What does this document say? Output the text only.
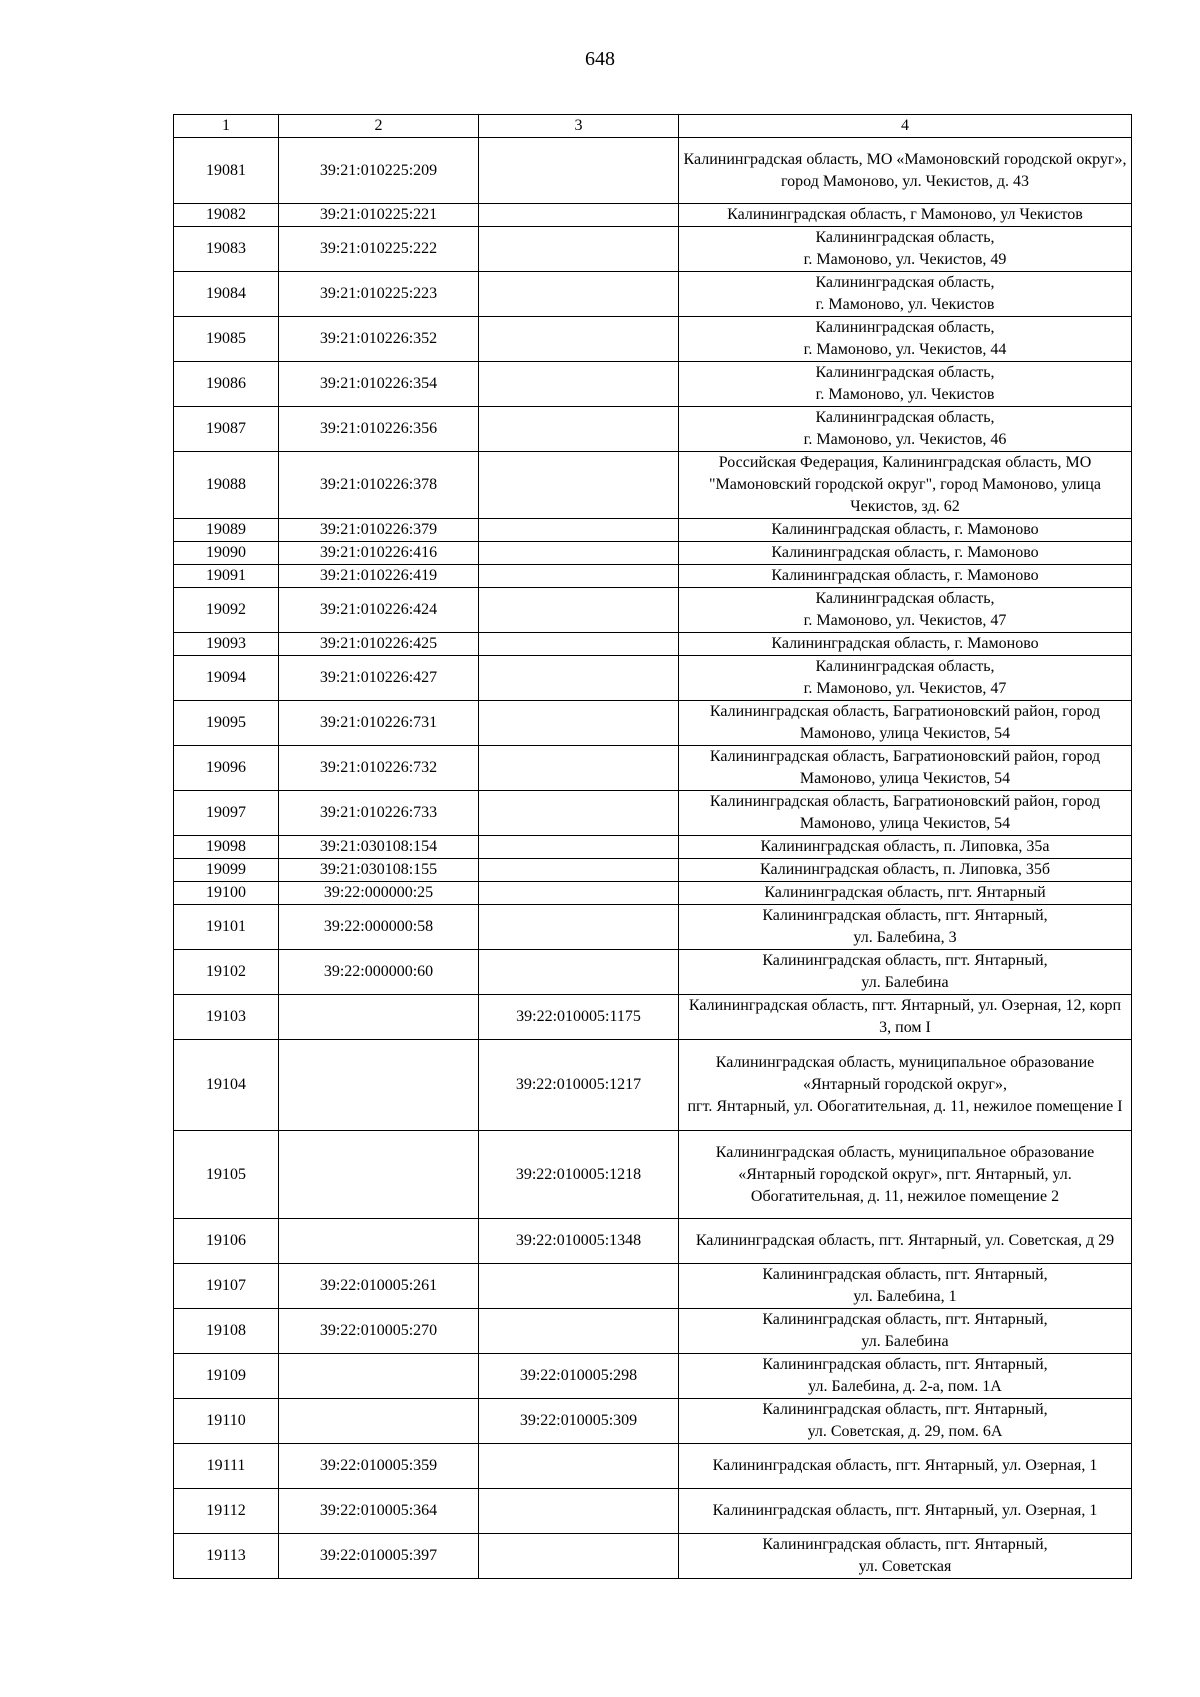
648
1	2	3	4
19081	39:21:010225:209		Калининградская область, МО «Мамоновский городской округ», город Мамоново, ул. Чекистов, д. 43
19082	39:21:010225:221		Калининградская область, г Мамоново, ул Чекистов
19083	39:21:010225:222		Калининградская область,
г. Мамоново, ул. Чекистов, 49
19084	39:21:010225:223		Калининградская область,
г. Мамоново, ул. Чекистов
19085	39:21:010226:352		Калининградская область,
г. Мамоново, ул. Чекистов, 44
19086	39:21:010226:354		Калининградская область,
г. Мамоново, ул. Чекистов
19087	39:21:010226:356		Калининградская область,
г. Мамоново, ул. Чекистов, 46
19088	39:21:010226:378		Российская Федерация, Калининградская область, МО "Мамоновский городской округ", город Мамоново, улица Чекистов, зд. 62
19089	39:21:010226:379		Калининградская область, г. Мамоново
19090	39:21:010226:416		Калининградская область, г. Мамоново
19091	39:21:010226:419		Калининградская область, г. Мамоново
19092	39:21:010226:424		Калининградская область,
г. Мамоново, ул. Чекистов, 47
19093	39:21:010226:425		Калининградская область, г. Мамоново
19094	39:21:010226:427		Калининградская область,
г. Мамоново, ул. Чекистов, 47
19095	39:21:010226:731		Калининградская область, Багратионовский район, город Мамоново, улица Чекистов, 54
19096	39:21:010226:732		Калининградская область, Багратионовский район, город Мамоново, улица Чекистов, 54
19097	39:21:010226:733		Калининградская область, Багратионовский район, город Мамоново, улица Чекистов, 54
19098	39:21:030108:154		Калининградская область, п. Липовка, 35а
19099	39:21:030108:155		Калининградская область, п. Липовка, 35б
19100	39:22:000000:25		Калининградская область, пгт. Янтарный
19101	39:22:000000:58		Калининградская область, пгт. Янтарный,
ул. Балебина, 3
19102	39:22:000000:60		Калининградская область, пгт. Янтарный,
ул. Балебина
19103		39:22:010005:1175	Калининградская область, пгт. Янтарный, ул. Озерная, 12, корп 3, пом I
19104		39:22:010005:1217	Калининградская область, муниципальное образование «Янтарный городской округ»,
пгт. Янтарный, ул. Обогатительная, д. 11, нежилое помещение I
19105		39:22:010005:1218	Калининградская область, муниципальное образование «Янтарный городской округ», пгт. Янтарный, ул. Обогатительная, д. 11, нежилое помещение 2
19106		39:22:010005:1348	Калининградская область, пгт. Янтарный, ул. Советская, д 29
19107	39:22:010005:261		Калининградская область, пгт. Янтарный,
ул. Балебина, 1
19108	39:22:010005:270		Калининградская область, пгт. Янтарный,
ул. Балебина
19109		39:22:010005:298	Калининградская область, пгт. Янтарный,
ул. Балебина, д. 2-а, пом. 1А
19110		39:22:010005:309	Калининградская область, пгт. Янтарный,
ул. Советская, д. 29, пом. 6А
19111	39:22:010005:359		Калининградская область, пгт. Янтарный, ул. Озерная, 1
19112	39:22:010005:364		Калининградская область, пгт. Янтарный, ул. Озерная, 1
19113	39:22:010005:397		Калининградская область, пгт. Янтарный,
ул. Советская
